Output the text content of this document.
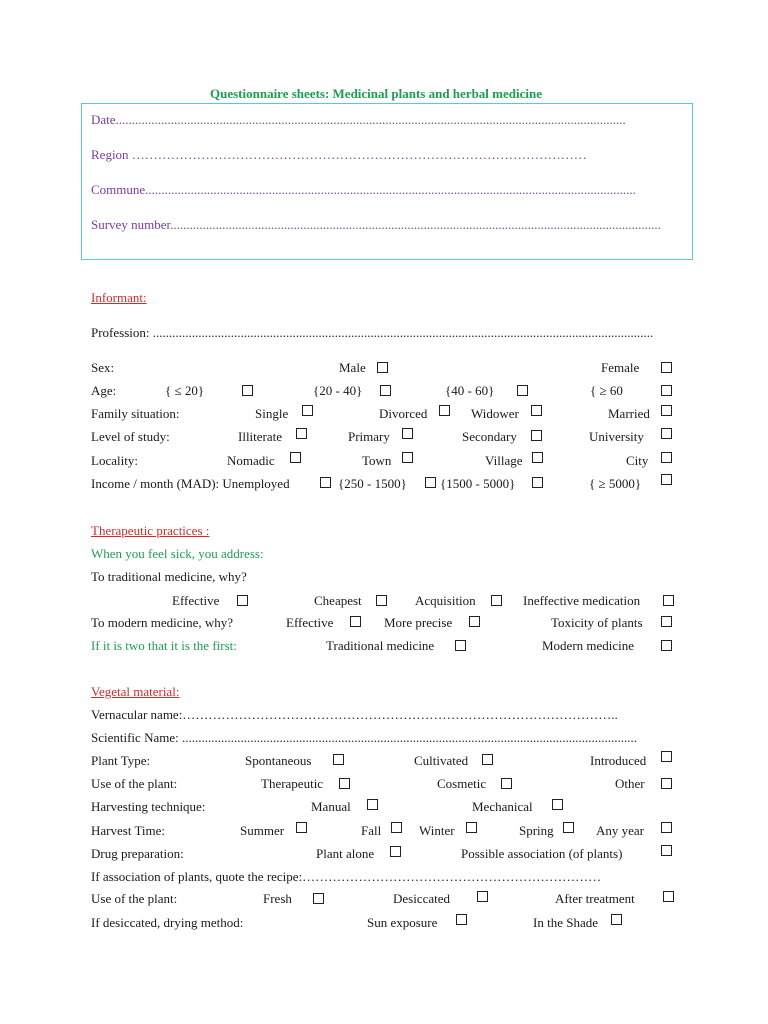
Questionnaire sheets: Medicinal plants and herbal medicine
Date.............................................................................................................................................................
Region ……………………………………………………………………………………………
Commune.......................................................................................................................................................
Survey number.......................................................................................................................................................
Informant:
Profession: ..........................................................................................................................................................
Sex:	Male	Female
Age:	{ ≤ 20}	{20 - 40}	{40 - 60}	{ ≥ 60
Family situation:	Single	Divorced	Widower	Married
Level of study:	Illiterate	Primary	Secondary	University
Locality:	Nomadic	Town	Village	City
Income / month (MAD): Unemployed	{250 - 1500}	{1500 - 5000}	{ ≥ 5000}
Therapeutic practices :
When you feel sick, you address:
To traditional medicine, why?
Effective	Cheapest	Acquisition	Ineffective medication
To modern medicine, why?	Effective	More precise	Toxicity of plants
If it is two that it is the first:	Traditional medicine	Modern medicine
Vegetal material:
Vernacular name:………………………………………………………………………………………..
Scientific Name: ............................................................................................................................................
Plant Type:	Spontaneous	Cultivated	Introduced
Use of the plant:	Therapeutic	Cosmetic	Other
Harvesting technique:	Manual	Mechanical
Harvest Time:	Summer	Fall	Winter	Spring	Any year
Drug preparation:	Plant alone	Possible association (of plants)
If association of plants, quote the recipe:……………………………………………………………
Use of the plant:	Fresh	Desiccated	After treatment
If desiccated, drying method:	Sun exposure	In the Shade
